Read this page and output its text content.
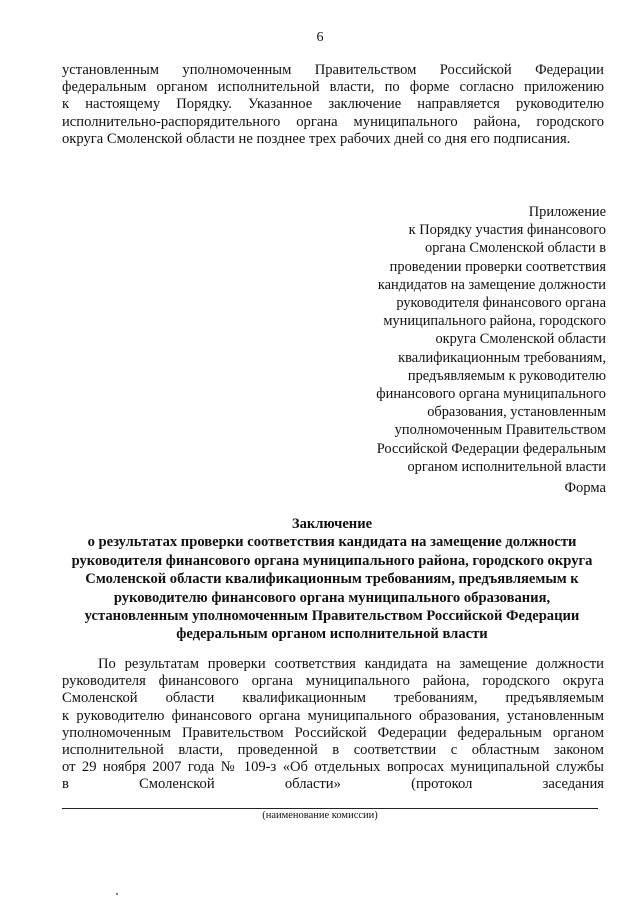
6
установленным уполномоченным Правительством Российской Федерации
федеральным органом исполнительной власти, по форме согласно приложению
к настоящему Порядку. Указанное заключение направляется руководителю
исполнительно-распорядительного органа муниципального района, городского
округа Смоленской области не позднее трех рабочих дней со дня его подписания.
Приложение
к Порядку участия финансового
органа Смоленской области в
проведении проверки соответствия
кандидатов на замещение должности
руководителя финансового органа
муниципального района, городского
округа Смоленской области
квалификационным требованиям,
предъявляемым к руководителю
финансового органа муниципального
образования, установленным
уполномоченным Правительством
Российской Федерации федеральным
органом исполнительной власти
Форма
Заключение
о результатах проверки соответствия кандидата на замещение должности
руководителя финансового органа муниципального района, городского округа
Смоленской области квалификационным требованиям, предъявляемым к
руководителю финансового органа муниципального образования,
установленным уполномоченным Правительством Российской Федерации
федеральным органом исполнительной власти
По результатам проверки соответствия кандидата на замещение должности
руководителя финансового органа муниципального района, городского округа
Смоленской области квалификационным требованиям, предъявляемым
к руководителю финансового органа муниципального образования, установленным
уполномоченным Правительством Российской Федерации федеральным органом
исполнительной власти, проведенной в соответствии с областным законом
от 29 ноября 2007 года № 109-з «Об отдельных вопросах муниципальной службы
в Смоленской области» (протокол заседания
(наименование комиссии)
